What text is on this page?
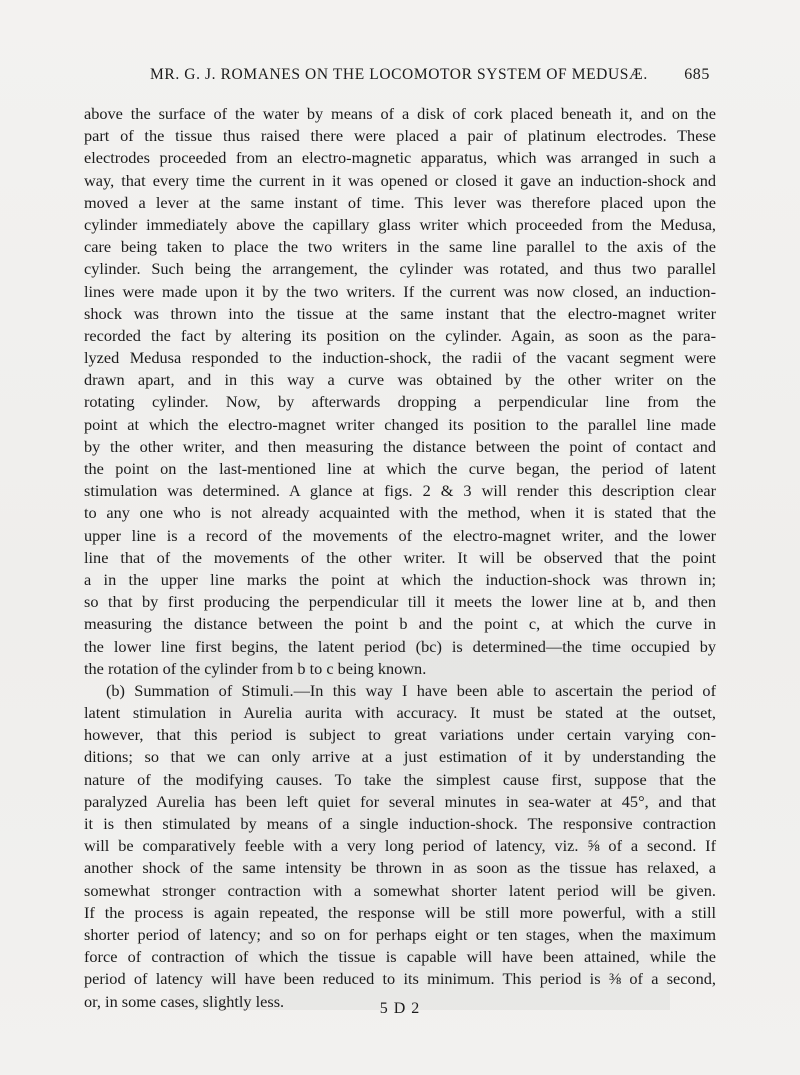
MR. G. J. ROMANES ON THE LOCOMOTOR SYSTEM OF MEDUSÆ. 685
above the surface of the water by means of a disk of cork placed beneath it, and on the
part of the tissue thus raised there were placed a pair of platinum electrodes. These
electrodes proceeded from an electro-magnetic apparatus, which was arranged in such a
way, that every time the current in it was opened or closed it gave an induction-shock and
moved a lever at the same instant of time. This lever was therefore placed upon the
cylinder immediately above the capillary glass writer which proceeded from the Medusa,
care being taken to place the two writers in the same line parallel to the axis of the
cylinder. Such being the arrangement, the cylinder was rotated, and thus two parallel
lines were made upon it by the two writers. If the current was now closed, an induction-
shock was thrown into the tissue at the same instant that the electro-magnet writer
recorded the fact by altering its position on the cylinder. Again, as soon as the para-
lyzed Medusa responded to the induction-shock, the radii of the vacant segment were
drawn apart, and in this way a curve was obtained by the other writer on the
rotating cylinder. Now, by afterwards dropping a perpendicular line from the
point at which the electro-magnet writer changed its position to the parallel line made
by the other writer, and then measuring the distance between the point of contact and
the point on the last-mentioned line at which the curve began, the period of latent
stimulation was determined. A glance at figs. 2 & 3 will render this description clear
to any one who is not already acquainted with the method, when it is stated that the
upper line is a record of the movements of the electro-magnet writer, and the lower
line that of the movements of the other writer. It will be observed that the point
a in the upper line marks the point at which the induction-shock was thrown in;
so that by first producing the perpendicular till it meets the lower line at b, and then
measuring the distance between the point b and the point c, at which the curve in
the lower line first begins, the latent period (bc) is determined—the time occupied by
the rotation of the cylinder from b to c being known.
(b) Summation of Stimuli.—In this way I have been able to ascertain the period of
latent stimulation in Aurelia aurita with accuracy. It must be stated at the outset,
however, that this period is subject to great variations under certain varying con-
ditions; so that we can only arrive at a just estimation of it by understanding the
nature of the modifying causes. To take the simplest cause first, suppose that the
paralyzed Aurelia has been left quiet for several minutes in sea-water at 45°, and that
it is then stimulated by means of a single induction-shock. The responsive contraction
will be comparatively feeble with a very long period of latency, viz. ⅝ of a second. If
another shock of the same intensity be thrown in as soon as the tissue has relaxed, a
somewhat stronger contraction with a somewhat shorter latent period will be given.
If the process is again repeated, the response will be still more powerful, with a still
shorter period of latency; and so on for perhaps eight or ten stages, when the maximum
force of contraction of which the tissue is capable will have been attained, while the
period of latency will have been reduced to its minimum. This period is ⅜ of a second,
or, in some cases, slightly less.	5 D 2
